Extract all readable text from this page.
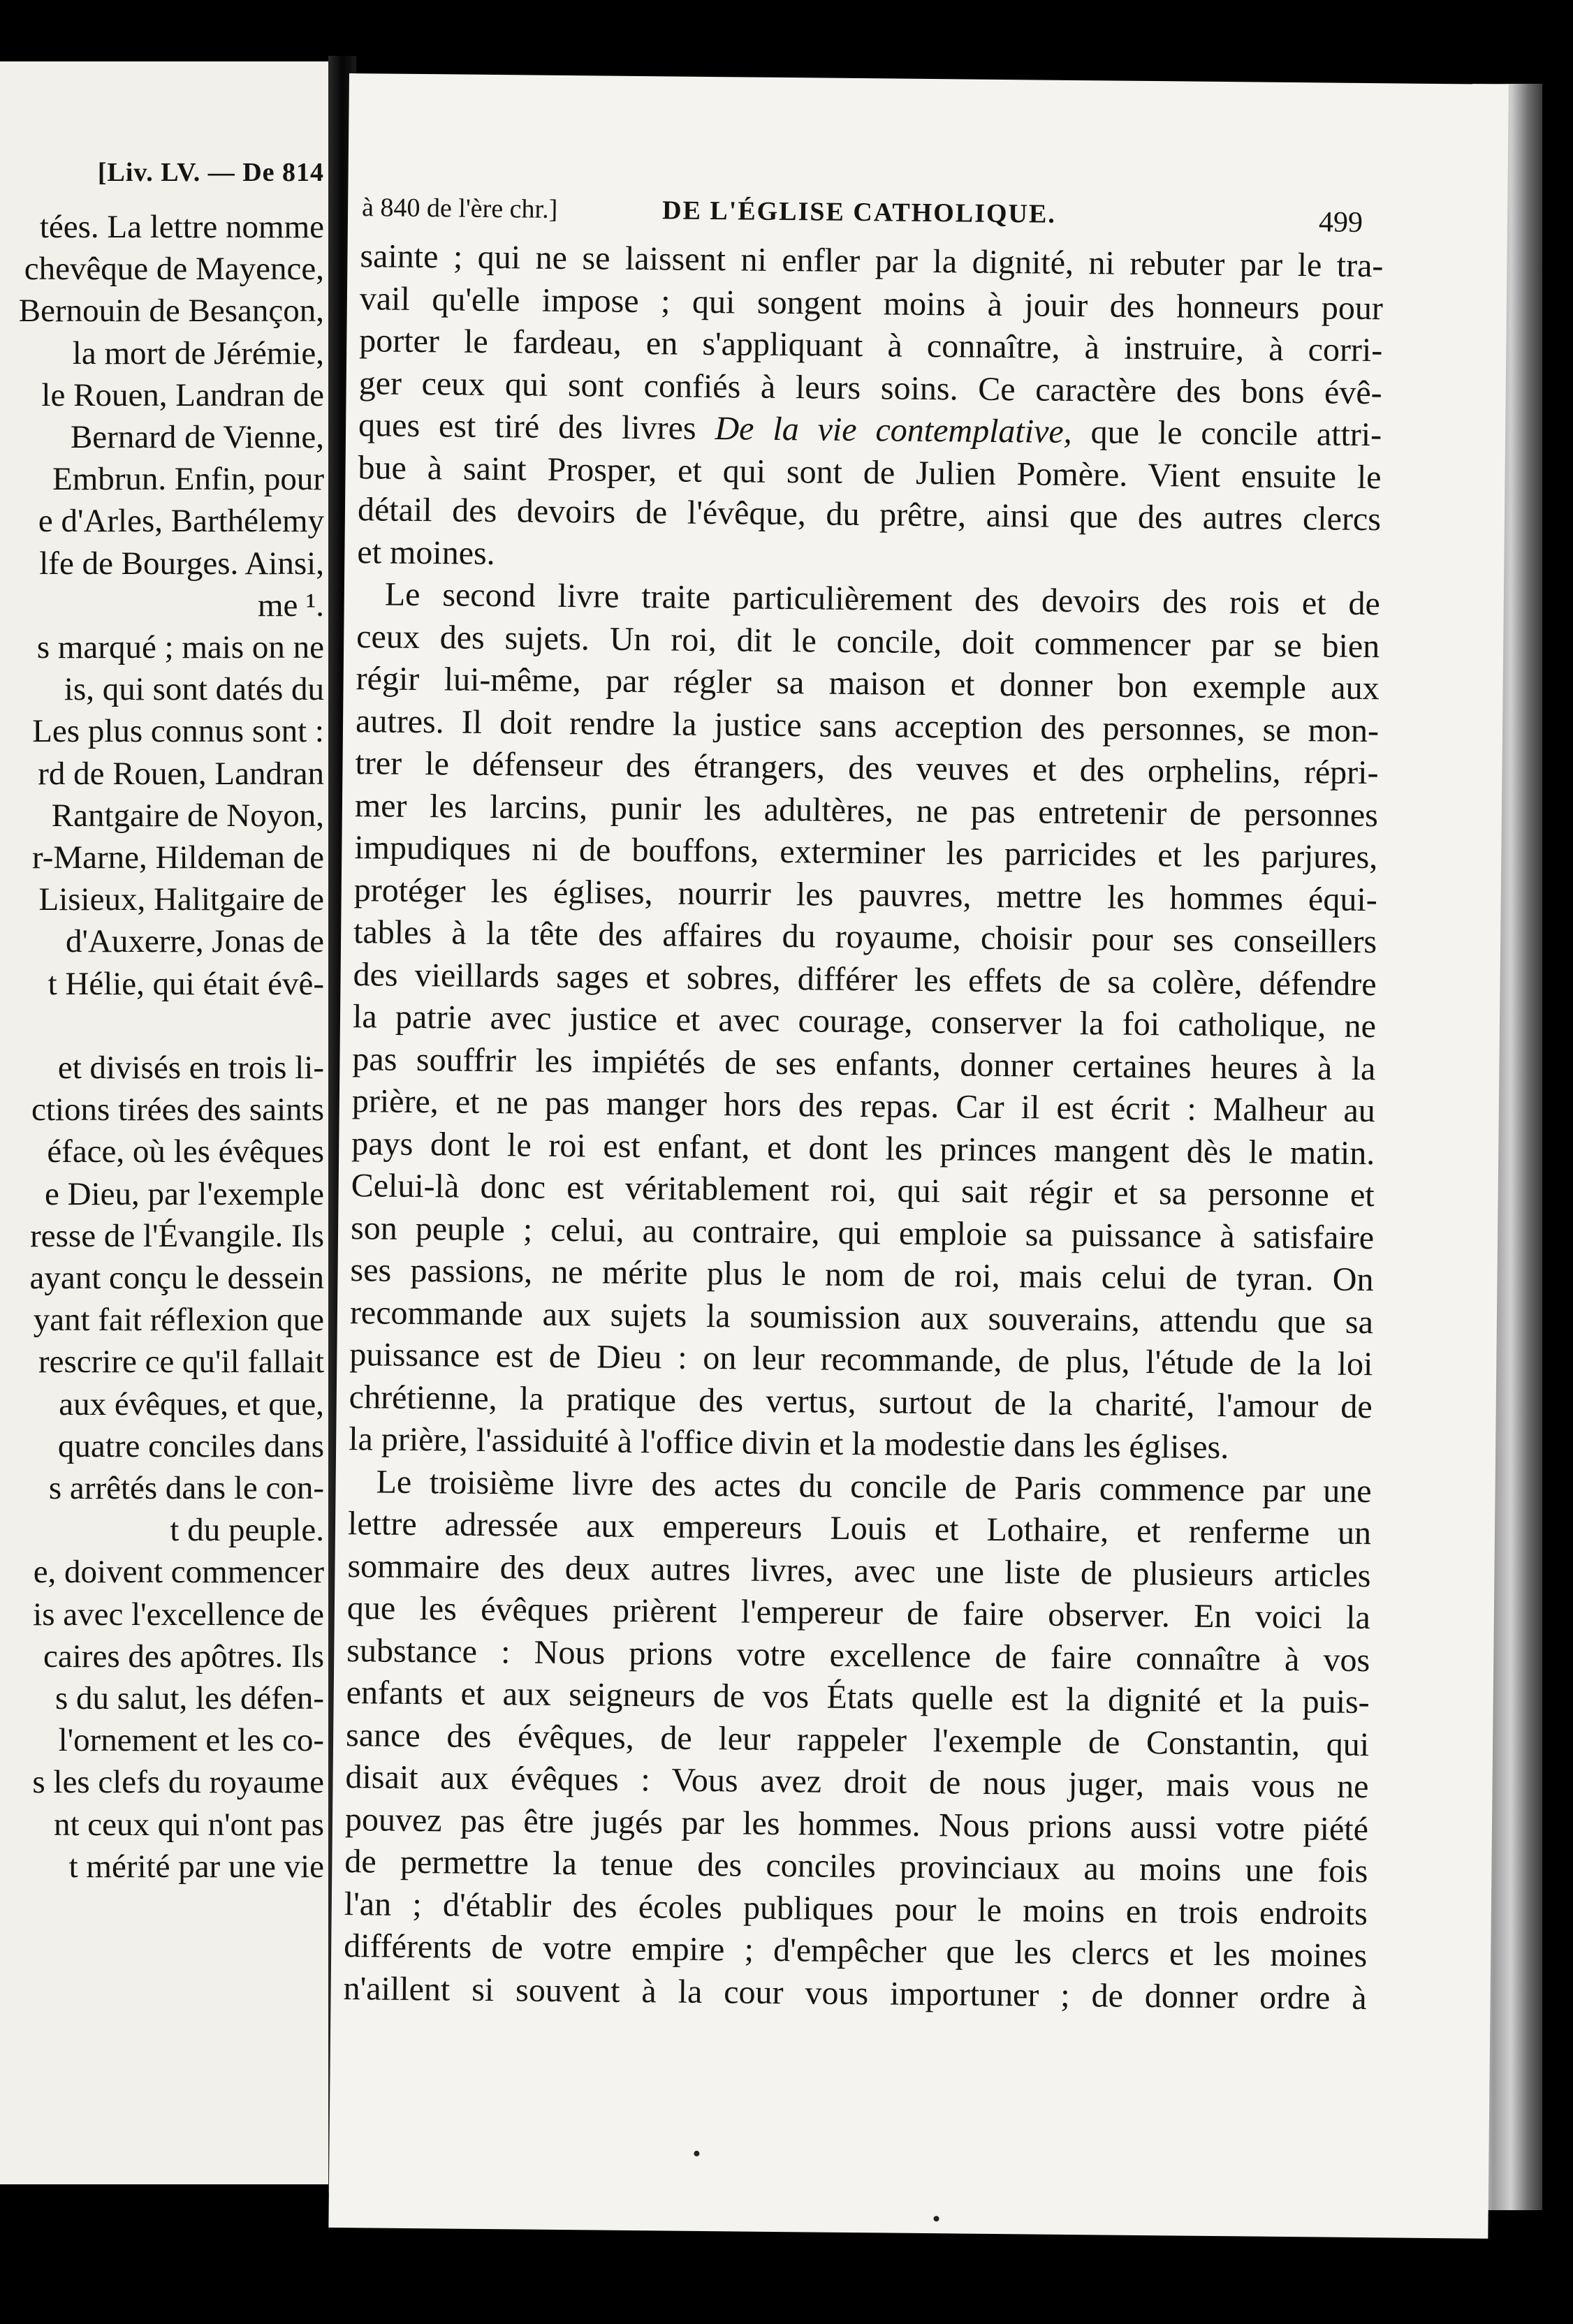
[Liv. LV. — De 814
tées. La lettre nomme
chevêque de Mayence,
Bernouin de Besançon,
la mort de Jérémie,
le Rouen, Landran de
Bernard de Vienne,
Embrun. Enfin, pour
e d'Arles, Barthélemy
lfe de Bourges. Ainsi,
me ¹.
s marqué ; mais on ne
is, qui sont datés du
Les plus connus sont :
rd de Rouen, Landran
Rantgaire de Noyon,
r-Marne, Hildeman de
Lisieux, Halitgaire de
d'Auxerre, Jonas de
t Hélie, qui était évê-
et divisés en trois li-
ctions tirées des saints
éface, où les évêques
e Dieu, par l'exemple
resse de l'Évangile. Ils
ayant conçu le dessein
yant fait réflexion que
rescrire ce qu'il fallait
aux évêques, et que,
quatre conciles dans
s arrêtés dans le con-
t du peuple.
e, doivent commencer
is avec l'excellence de
caires des apôtres. Ils
s du salut, les défen-
l'ornement et les co-
s les clefs du royaume
nt ceux qui n'ont pas
t mérité par une vie
à 840 de l'ère chr.]	DE L'ÉGLISE CATHOLIQUE.	499
sainte ; qui ne se laissent ni enfler par la dignité, ni rebuter par le tra-
vail qu'elle impose ; qui songent moins à jouir des honneurs pour
porter le fardeau, en s'appliquant à connaître, à instruire, à corri-
ger ceux qui sont confiés à leurs soins. Ce caractère des bons évê-
ques est tiré des livres De la vie contemplative, que le concile attri-
bue à saint Prosper, et qui sont de Julien Pomère. Vient ensuite le
détail des devoirs de l'évêque, du prêtre, ainsi que des autres clercs
et moines.
Le second livre traite particulièrement des devoirs des rois et de
ceux des sujets. Un roi, dit le concile, doit commencer par se bien
régir lui-même, par régler sa maison et donner bon exemple aux
autres. Il doit rendre la justice sans acception des personnes, se mon-
trer le défenseur des étrangers, des veuves et des orphelins, répri-
mer les larcins, punir les adultères, ne pas entretenir de personnes
impudiques ni de bouffons, exterminer les parricides et les parjures,
protéger les églises, nourrir les pauvres, mettre les hommes équi-
tables à la tête des affaires du royaume, choisir pour ses conseillers
des vieillards sages et sobres, différer les effets de sa colère, défendre
la patrie avec justice et avec courage, conserver la foi catholique, ne
pas souffrir les impiétés de ses enfants, donner certaines heures à la
prière, et ne pas manger hors des repas. Car il est écrit : Malheur au
pays dont le roi est enfant, et dont les princes mangent dès le matin.
Celui-là donc est véritablement roi, qui sait régir et sa personne et
son peuple ; celui, au contraire, qui emploie sa puissance à satisfaire
ses passions, ne mérite plus le nom de roi, mais celui de tyran. On
recommande aux sujets la soumission aux souverains, attendu que sa
puissance est de Dieu : on leur recommande, de plus, l'étude de la loi
chrétienne, la pratique des vertus, surtout de la charité, l'amour de
la prière, l'assiduité à l'office divin et la modestie dans les églises.
Le troisième livre des actes du concile de Paris commence par une
lettre adressée aux empereurs Louis et Lothaire, et renferme un
sommaire des deux autres livres, avec une liste de plusieurs articles
que les évêques prièrent l'empereur de faire observer. En voici la
substance : Nous prions votre excellence de faire connaître à vos
enfants et aux seigneurs de vos États quelle est la dignité et la puis-
sance des évêques, de leur rappeler l'exemple de Constantin, qui
disait aux évêques : Vous avez droit de nous juger, mais vous ne
pouvez pas être jugés par les hommes. Nous prions aussi votre piété
de permettre la tenue des conciles provinciaux au moins une fois
l'an ; d'établir des écoles publiques pour le moins en trois endroits
différents de votre empire ; d'empêcher que les clercs et les moines
n'aillent si souvent à la cour vous importuner ; de donner ordre à
